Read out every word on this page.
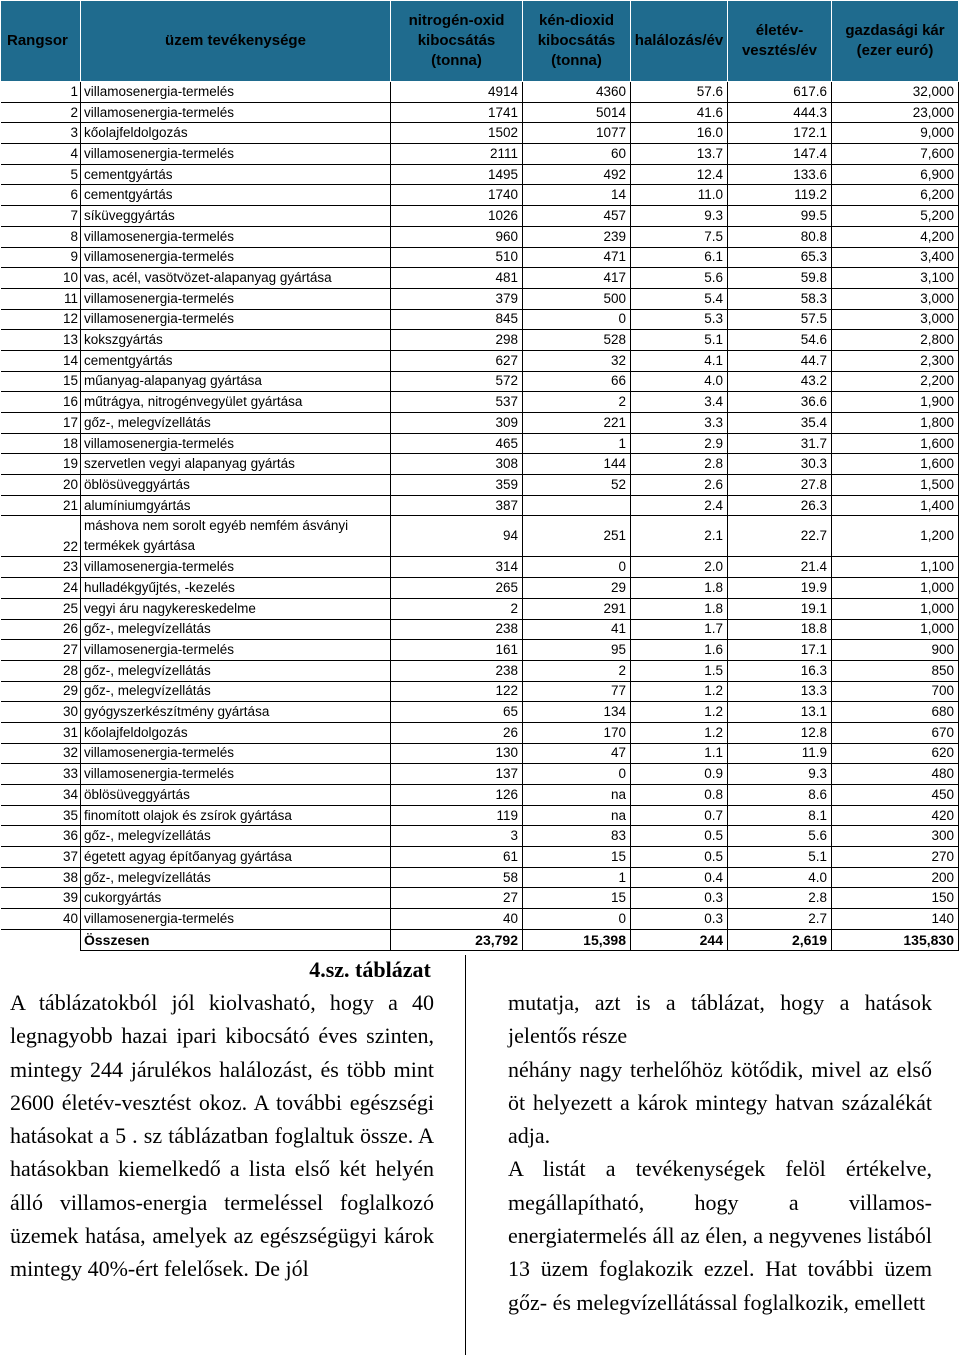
Rangsor	üzem tevékenysége	nitrogén-oxid kibocsátás (tonna)	kén-dioxid kibocsátás (tonna)	halálozás/év	életév-vesztés/év	gazdasági kár (ezer euró)
1	villamosenergia-termelés	4914	4360	57.6	617.6	32,000
2	villamosenergia-termelés	1741	5014	41.6	444.3	23,000
3	kőolajfeldolgozás	1502	1077	16.0	172.1	9,000
4	villamosenergia-termelés	2111	60	13.7	147.4	7,600
5	cementgyártás	1495	492	12.4	133.6	6,900
6	cementgyártás	1740	14	11.0	119.2	6,200
7	síküveggyártás	1026	457	9.3	99.5	5,200
8	villamosenergia-termelés	960	239	7.5	80.8	4,200
9	villamosenergia-termelés	510	471	6.1	65.3	3,400
10	vas, acél, vasötvözet-alapanyag gyártása	481	417	5.6	59.8	3,100
11	villamosenergia-termelés	379	500	5.4	58.3	3,000
12	villamosenergia-termelés	845	0	5.3	57.5	3,000
13	kokszgyártás	298	528	5.1	54.6	2,800
14	cementgyártás	627	32	4.1	44.7	2,300
15	műanyag-alapanyag gyártása	572	66	4.0	43.2	2,200
16	műtrágya, nitrogénvegyület gyártása	537	2	3.4	36.6	1,900
17	gőz-, melegvízellátás	309	221	3.3	35.4	1,800
18	villamosenergia-termelés	465	1	2.9	31.7	1,600
19	szervetlen vegyi alapanyag gyártás	308	144	2.8	30.3	1,600
20	öblösüveggyártás	359	52	2.6	27.8	1,500
21	alumíniumgyártás	387		2.4	26.3	1,400
22	máshova nem sorolt egyéb nemfém ásványi termékek gyártása	94	251	2.1	22.7	1,200
23	villamosenergia-termelés	314	0	2.0	21.4	1,100
24	hulladékgyűjtés, -kezelés	265	29	1.8	19.9	1,000
25	vegyi áru nagykereskedelme	2	291	1.8	19.1	1,000
26	gőz-, melegvízellátás	238	41	1.7	18.8	1,000
27	villamosenergia-termelés	161	95	1.6	17.1	900
28	gőz-, melegvízellátás	238	2	1.5	16.3	850
29	gőz-, melegvízellátás	122	77	1.2	13.3	700
30	gyógyszerkészítmény gyártása	65	134	1.2	13.1	680
31	kőolajfeldolgozás	26	170	1.2	12.8	670
32	villamosenergia-termelés	130	47	1.1	11.9	620
33	villamosenergia-termelés	137	0	0.9	9.3	480
34	öblösüveggyártás	126	na	0.8	8.6	450
35	finomított olajok és zsírok gyártása	119	na	0.7	8.1	420
36	gőz-, melegvízellátás	3	83	0.5	5.6	300
37	égetett agyag építőanyag gyártása	61	15	0.5	5.1	270
38	gőz-, melegvízellátás	58	1	0.4	4.0	200
39	cukorgyártás	27	15	0.3	2.8	150
40	villamosenergia-termelés	40	0	0.3	2.7	140
	Összesen	23,792	15,398	244	2,619	135,830
4.sz. táblázat

A táblázatokból jól kiolvasható, hogy a 40 legnagyobb hazai ipari kibocsátó éves szinten, mintegy 244 járulékos halálozást, és több mint 2600 életév-vesztést okoz. A további egészségi hatásokat a 5 . sz táblázatban foglaltuk össze. A hatásokban kiemelkedő a lista első két helyén álló villamos-energia termeléssel foglalkozó üzemek hatása, amelyek az egészségügyi károk mintegy 40%-ért felelősek. De jól

mutatja, azt is a táblázat, hogy a hatások jelentős része

néhány nagy terhelőhöz kötődik, mivel az első öt helyezett a károk mintegy hatvan százalékát adja.

A listát a tevékenységek felöl értékelve, megállapítható, hogy a villamos-energiatermelés áll az élen, a negyvenes listából 13 üzem foglakozik ezzel. Hat további üzem gőz- és melegvízellátással foglalkozik, emellett
